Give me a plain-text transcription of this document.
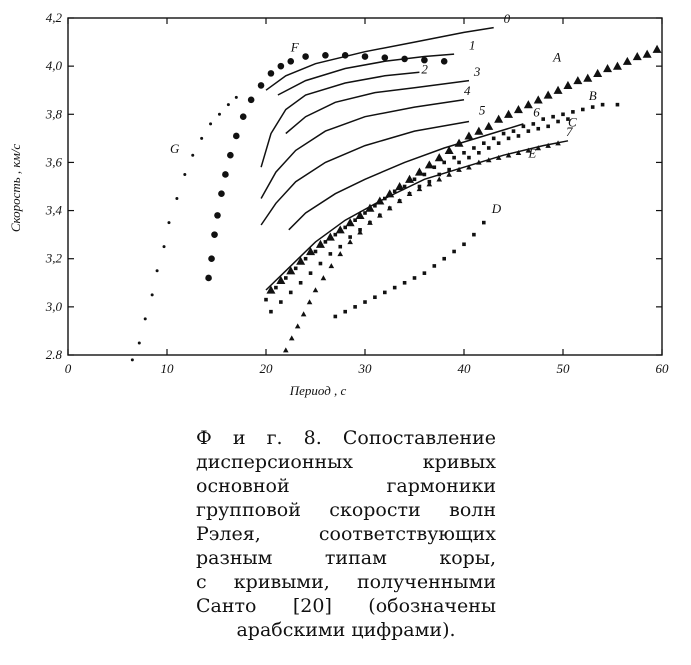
0	10	20	30	40	50	60
2.8
3,0
3,2
3,4
3,6
3,8
4,0
4,2
G
F
0
1
2	3
4
5	6
7
A
B
C
D
E
Период , с
Скорость , км/с
Ф и г. 8. Сопоставление
дисперсионных кривых
основной гармоники
групповой скорости волн
Рэлея, соответствующих
разным типам коры,
с кривыми, полученными
Санто [20] (обозначены
арабскими цифрами).
